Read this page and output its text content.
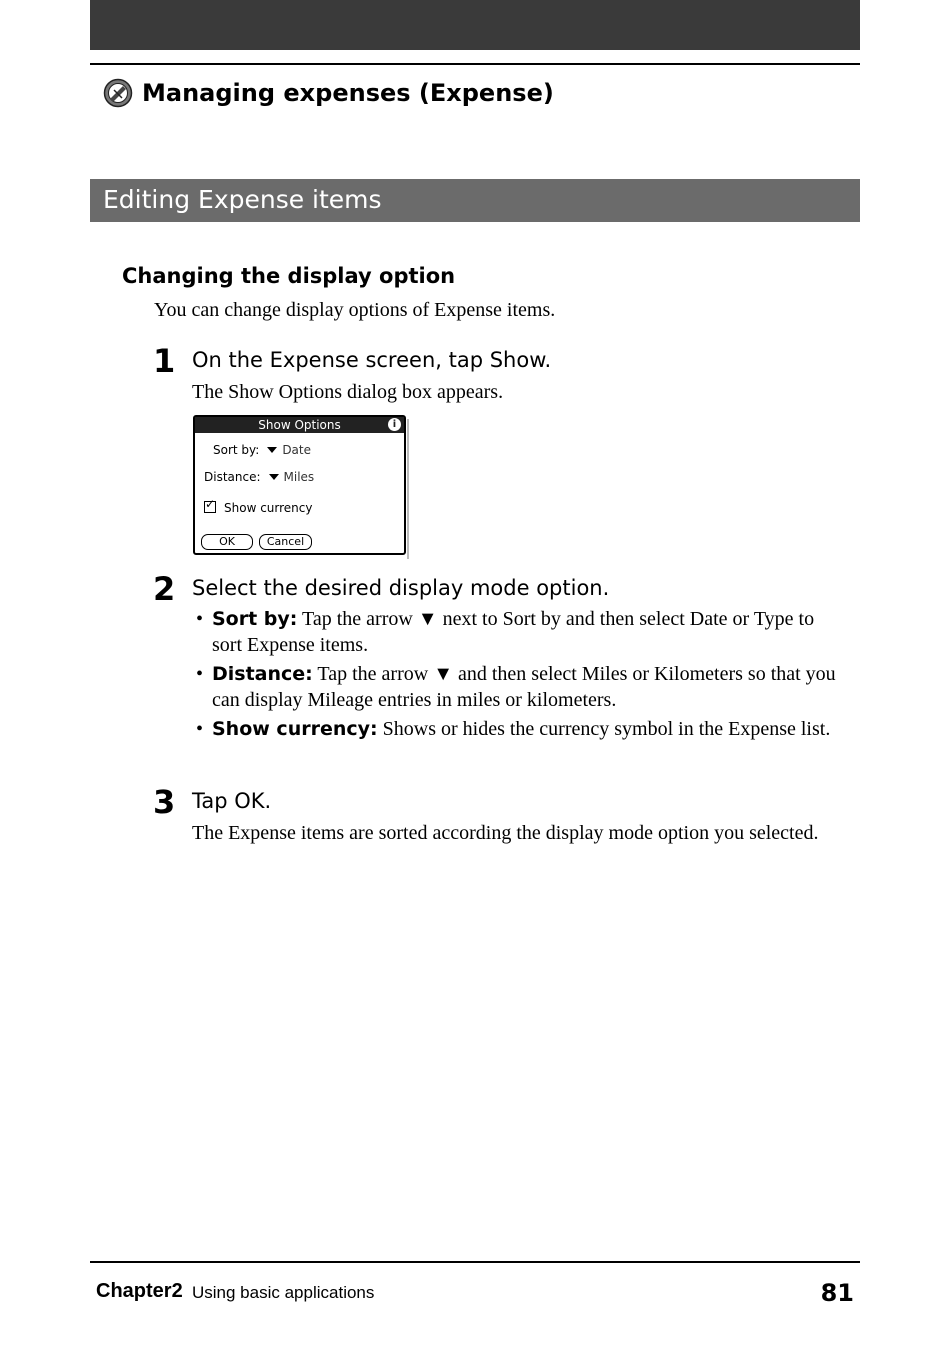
Managing expenses (Expense)
Editing Expense items
Changing the display option
You can change display options of Expense items.
1 On the Expense screen, tap Show.
The Show Options dialog box appears.
Show Options	i
Sort by: Date
Distance: Miles
✓ Show currency
OK	Cancel
2 Select the desired display mode option.
• Sort by: Tap the arrow ▼ next to Sort by and then select Date or Type to sort Expense items.
• Distance: Tap the arrow ▼ and then select Miles or Kilometers so that you can display Mileage entries in miles or kilometers.
• Show currency: Shows or hides the currency symbol in the Expense list.
3 Tap OK.
The Expense items are sorted according the display mode option you selected.
Chapter2 Using basic applications	81
